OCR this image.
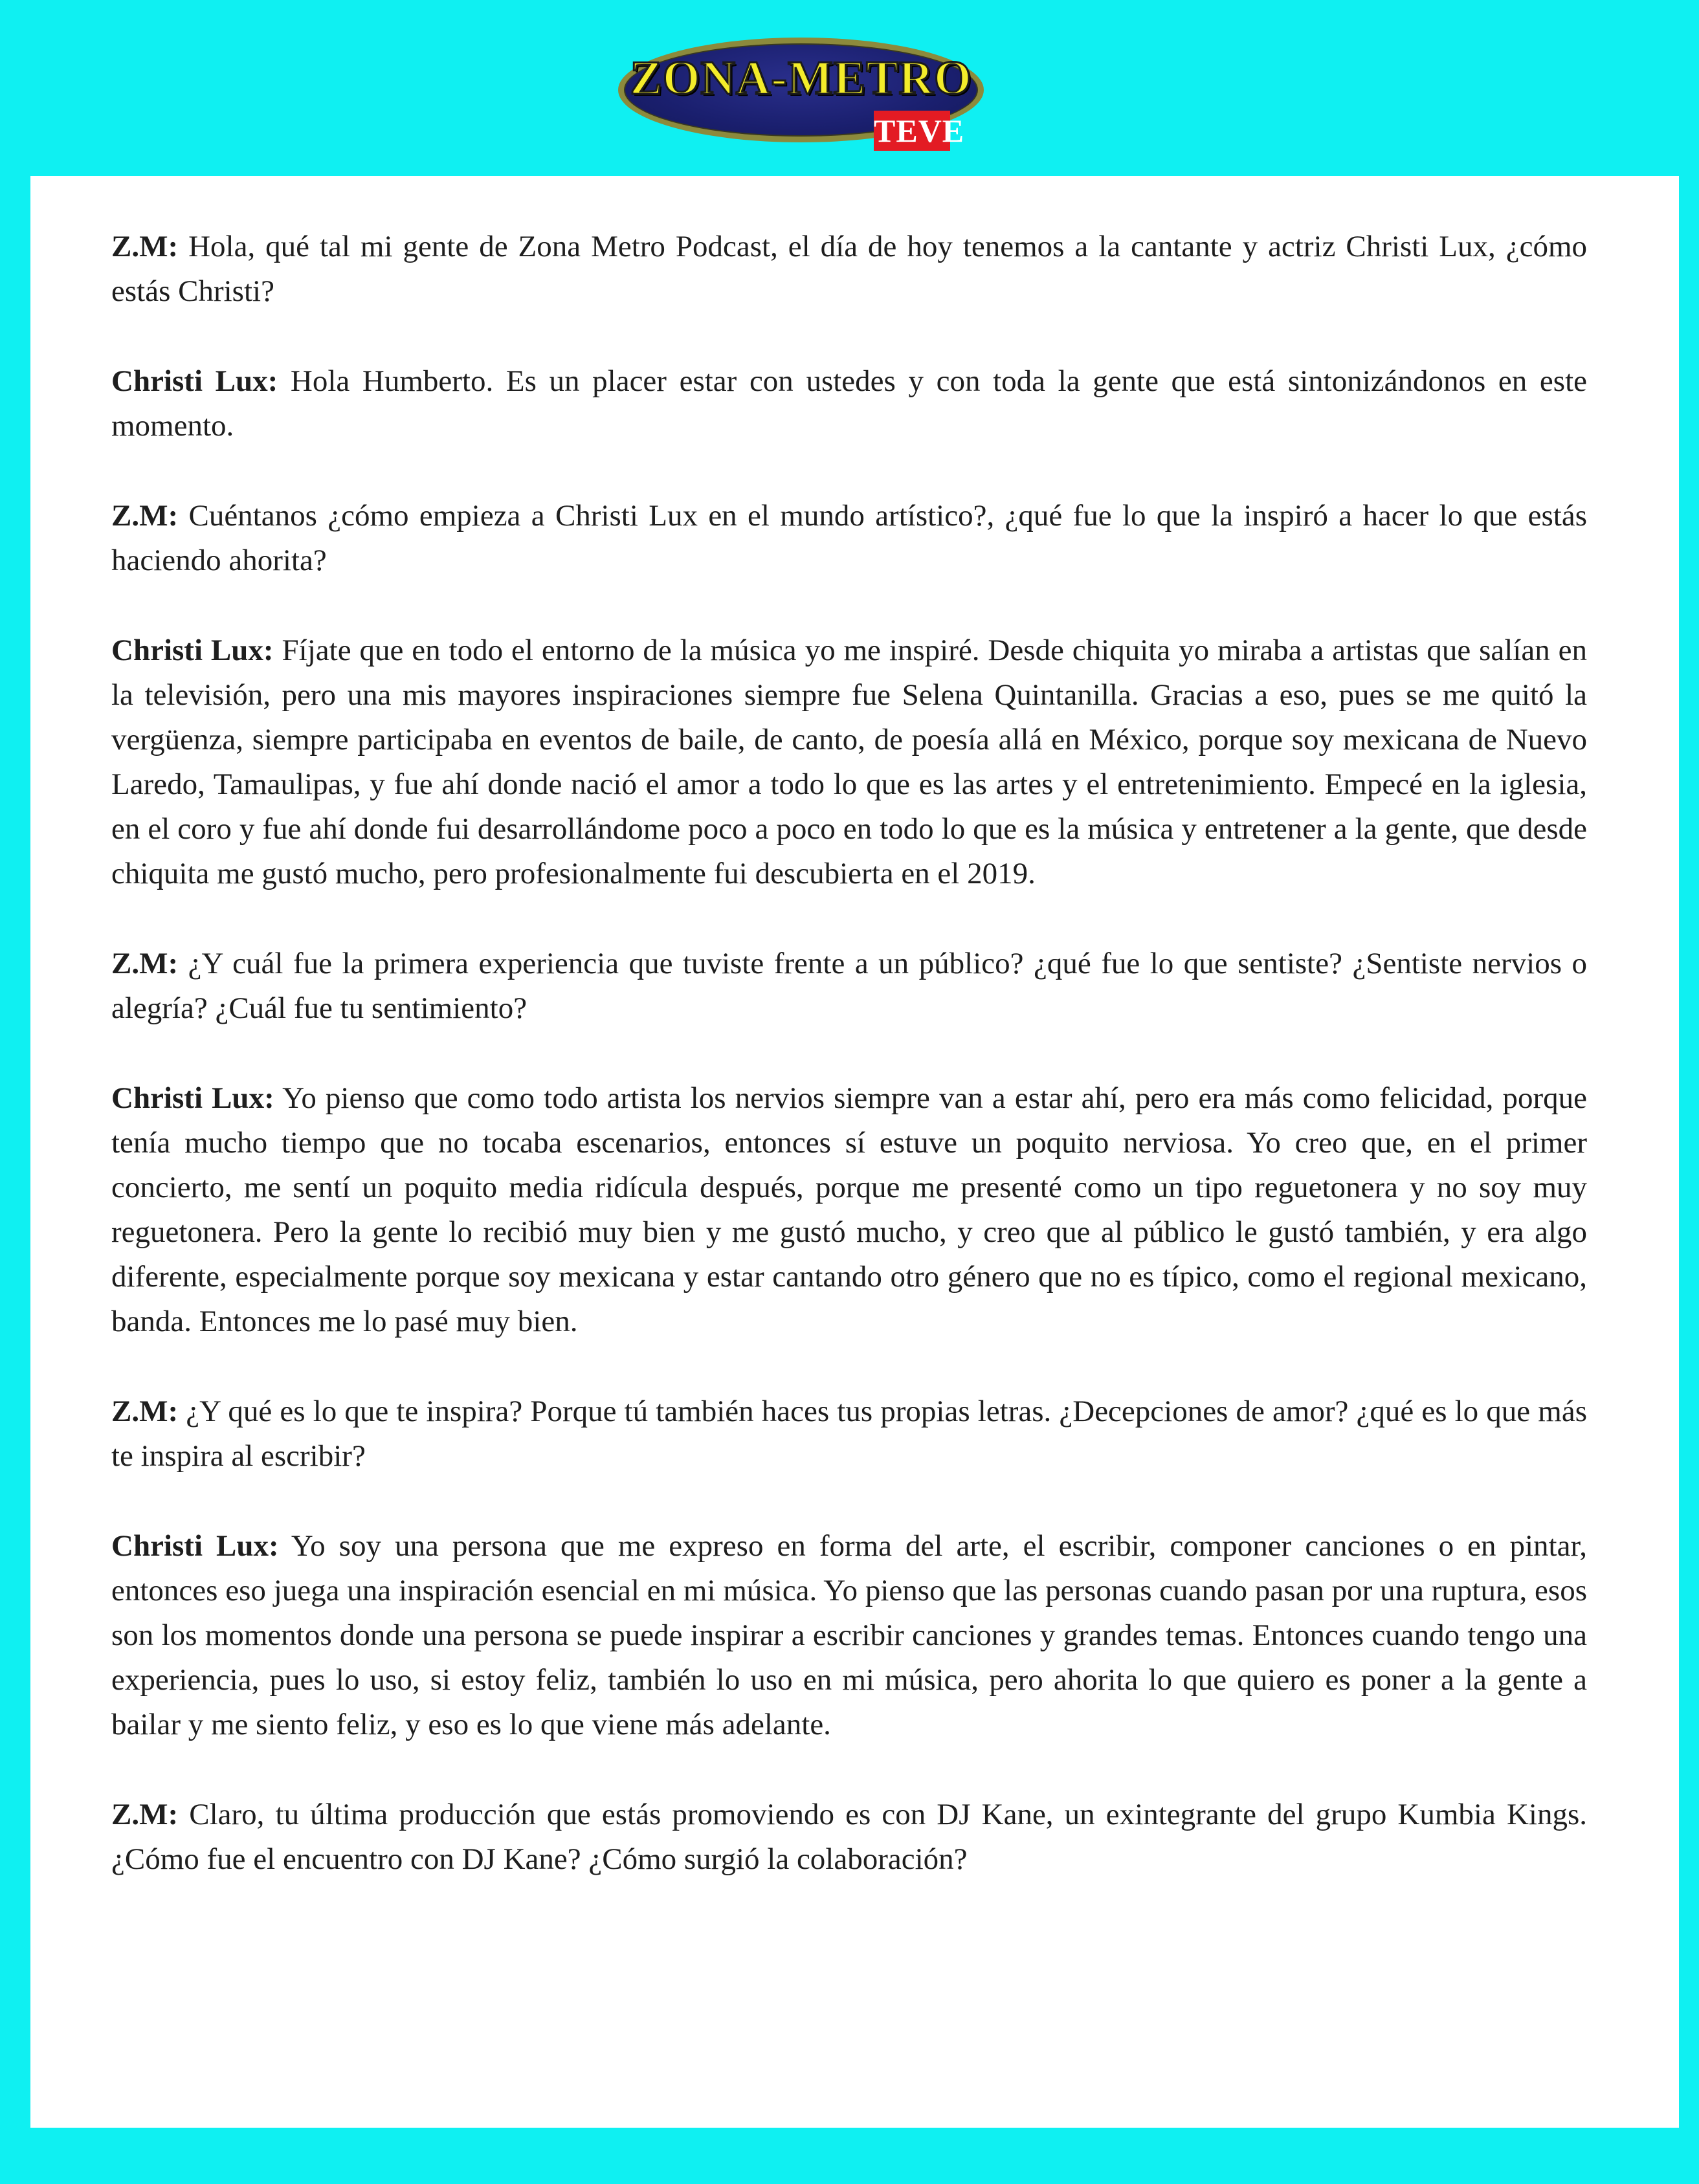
ZONA-METRO
TEVE

Z.M: Hola, qué tal mi gente de Zona Metro Podcast, el día de hoy tenemos a la cantante y actriz Christi Lux, ¿cómo estás Christi?

Christi Lux: Hola Humberto. Es un placer estar con ustedes y con toda la gente que está sintonizándonos en este momento.

Z.M: Cuéntanos ¿cómo empieza a Christi Lux en el mundo artístico?, ¿qué fue lo que la inspiró a hacer lo que estás haciendo ahorita?

Christi Lux: Fíjate que en todo el entorno de la música yo me inspiré. Desde chiquita yo miraba a artistas que salían en la televisión, pero una mis mayores inspiraciones siempre fue Selena Quintanilla. Gracias a eso, pues se me quitó la vergüenza, siempre participaba en eventos de baile, de canto, de poesía allá en México, porque soy mexicana de Nuevo Laredo, Tamaulipas, y fue ahí donde nació el amor a todo lo que es las artes y el entretenimiento. Empecé en la iglesia, en el coro y fue ahí donde fui desarrollándome poco a poco en todo lo que es la música y entretener a la gente, que desde chiquita me gustó mucho, pero profesionalmente fui descubierta en el 2019.

Z.M: ¿Y cuál fue la primera experiencia que tuviste frente a un público? ¿qué fue lo que sentiste? ¿Sentiste nervios o alegría? ¿Cuál fue tu sentimiento?

Christi Lux: Yo pienso que como todo artista los nervios siempre van a estar ahí, pero era más como felicidad, porque tenía mucho tiempo que no tocaba escenarios, entonces sí estuve un poquito nerviosa. Yo creo que, en el primer concierto, me sentí un poquito media ridícula después, porque me presenté como un tipo reguetonera y no soy muy reguetonera. Pero la gente lo recibió muy bien y me gustó mucho, y creo que al público le gustó también, y era algo diferente, especialmente porque soy mexicana y estar cantando otro género que no es típico, como el regional mexicano, banda. Entonces me lo pasé muy bien.

Z.M: ¿Y qué es lo que te inspira? Porque tú también haces tus propias letras. ¿Decepciones de amor? ¿qué es lo que más te inspira al escribir?

Christi Lux: Yo soy una persona que me expreso en forma del arte, el escribir, componer canciones o en pintar, entonces eso juega una inspiración esencial en mi música. Yo pienso que las personas cuando pasan por una ruptura, esos son los momentos donde una persona se puede inspirar a escribir canciones y grandes temas. Entonces cuando tengo una experiencia, pues lo uso, si estoy feliz, también lo uso en mi música, pero ahorita lo que quiero es poner a la gente a bailar y me siento feliz, y eso es lo que viene más adelante.

Z.M: Claro, tu última producción que estás promoviendo es con DJ Kane, un exintegrante del grupo Kumbia Kings. ¿Cómo fue el encuentro con DJ Kane? ¿Cómo surgió la colaboración?
